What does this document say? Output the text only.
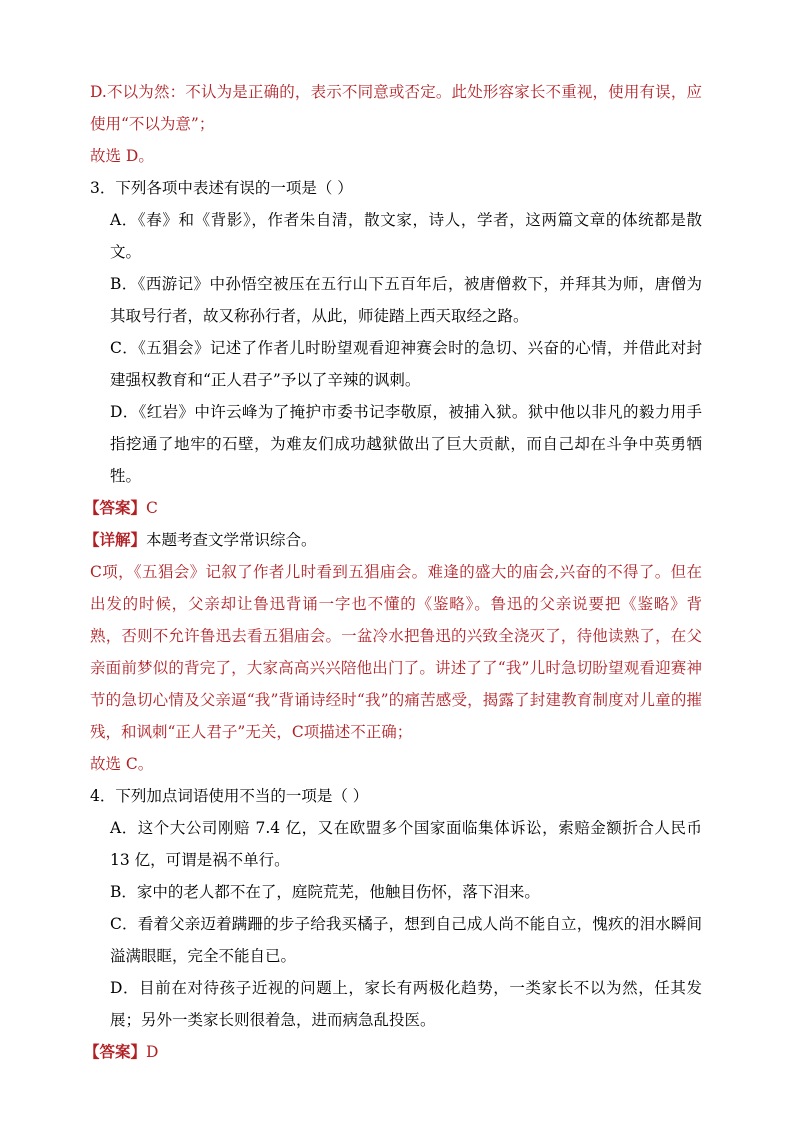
D.不以为然：不认为是正确的，表示不同意或否定。此处形容家长不重视，使用有误，应使用“不以为意”；

故选 D。

3．下列各项中表述有误的一项是（ ）

A．《春》和《背影》，作者朱自清，散文家，诗人，学者，这两篇文章的体统都是散文。

B．《西游记》中孙悟空被压在五行山下五百年后，被唐僧救下，并拜其为师，唐僧为其取号行者，故又称孙行者，从此，师徒踏上西天取经之路。

C．《五猖会》记述了作者儿时盼望观看迎神赛会时的急切、兴奋的心情，并借此对封建强权教育和“正人君子”予以了辛辣的讽刺。

D．《红岩》中许云峰为了掩护市委书记李敬原，被捕入狱。狱中他以非凡的毅力用手指挖通了地牢的石壁，为难友们成功越狱做出了巨大贡献，而自己却在斗争中英勇牺牲。

【答案】C

【详解】本题考查文学常识综合。

C项，《五猖会》记叙了作者儿时看到五猖庙会。难逢的盛大的庙会,兴奋的不得了。但在出发的时候，父亲却让鲁迅背诵一字也不懂的《鉴略》。鲁迅的父亲说要把《鉴略》背熟，否则不允许鲁迅去看五猖庙会。一盆冷水把鲁迅的兴致全浇灭了，待他读熟了，在父亲面前梦似的背完了，大家高高兴兴陪他出门了。讲述了了“我”儿时急切盼望观看迎赛神节的急切心情及父亲逼“我”背诵诗经时“我”的痛苦感受，揭露了封建教育制度对儿童的摧残，和讽刺“正人君子”无关，C项描述不正确；

故选 C。

4．下列加点词语使用不当的一项是（ ）

A．这个大公司刚赔 7.4 亿，又在欧盟多个国家面临集体诉讼，索赔金额折合人民币 13 亿，可谓是祸不单行。

B．家中的老人都不在了，庭院荒芜，他触目伤怀，落下泪来。

C．看着父亲迈着蹒跚的步子给我买橘子，想到自己成人尚不能自立，愧疚的泪水瞬间溢满眼眶，完全不能自已。

D．目前在对待孩子近视的问题上，家长有两极化趋势，一类家长不以为然，任其发展；另外一类家长则很着急，进而病急乱投医。

【答案】D
